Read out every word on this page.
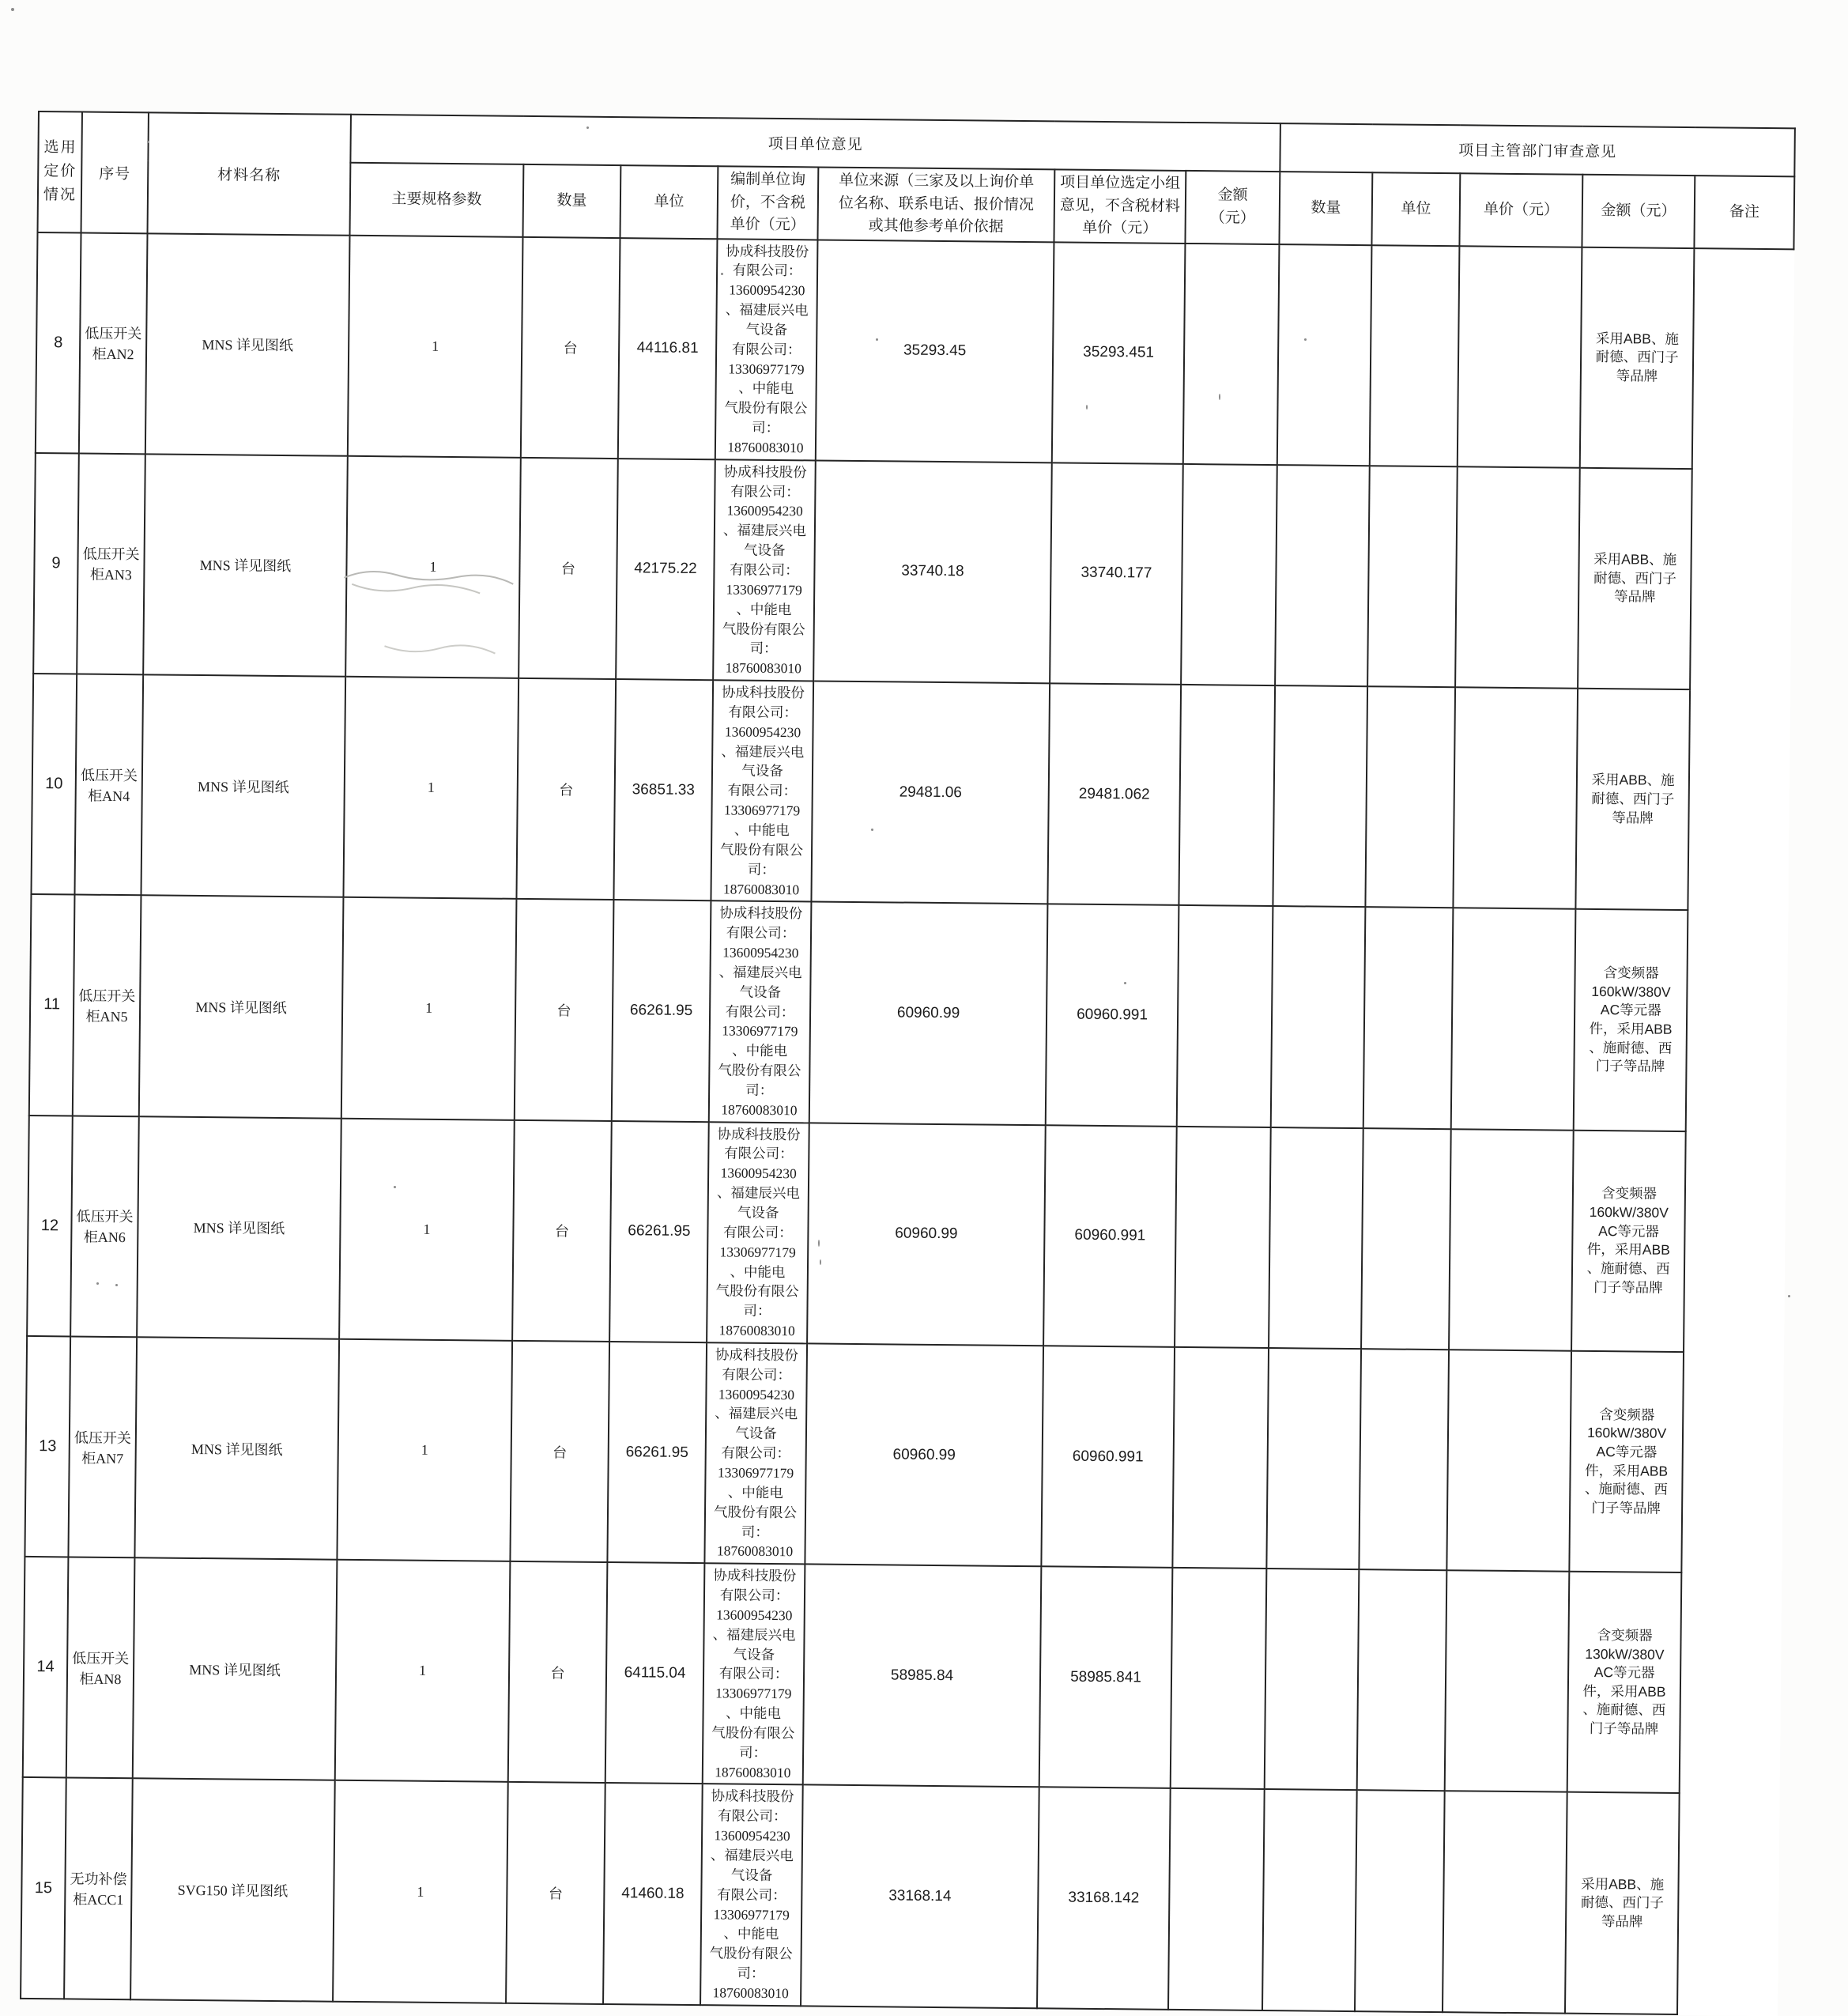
选用定价情况	序号	材料名称	项目单位意见							项目主管部门审查意见				
			主要规格参数	数量	单位	编制单位询
价，不含税
单价（元）	单位来源（三家及以上询价单
位名称、联系电话、报价情况
或其他参考单价依据	项目单位选定小组
意见，不含税材料
单价（元）	金额
（元）	数量	单位	单价（元）	金额（元）	备注
8	低压开关柜AN2	MNS 详见图纸	1	台	44116.81	协成科技股份有限公司：
13600954230 、福建辰兴电气设备
有限公司：13306977179 、中能电
气股份有限公司：18760083010	35293.45	35293.451					采用ABB、施
耐德、西门子
等品牌	
9	低压开关柜AN3	MNS 详见图纸	1	台	42175.22	协成科技股份有限公司：
13600954230 、福建辰兴电气设备
有限公司：13306977179 、中能电
气股份有限公司：18760083010	33740.18	33740.177					采用ABB、施
耐德、西门子
等品牌	
10	低压开关柜AN4	MNS 详见图纸	1	台	36851.33	协成科技股份有限公司：
13600954230 、福建辰兴电气设备
有限公司：13306977179 、中能电
气股份有限公司：18760083010	29481.06	29481.062					采用ABB、施
耐德、西门子
等品牌	
11	低压开关柜AN5	MNS 详见图纸	1	台	66261.95	协成科技股份有限公司：
13600954230 、福建辰兴电气设备
有限公司：13306977179 、中能电
气股份有限公司：18760083010	60960.99	60960.991					含变频器
160kW/380V
AC等元器
件，采用ABB
、施耐德、西
门子等品牌
12	低压开关柜AN6	MNS 详见图纸	1	台	66261.95	协成科技股份有限公司：
13600954230 、福建辰兴电气设备
有限公司：13306977179 、中能电
气股份有限公司：18760083010	60960.99	60960.991					含变频器
160kW/380V
AC等元器
件，采用ABB
、施耐德、西
门子等品牌
13	低压开关柜AN7	MNS 详见图纸	1	台	66261.95	协成科技股份有限公司：
13600954230 、福建辰兴电气设备
有限公司：13306977179 、中能电
气股份有限公司：18760083010	60960.99	60960.991					含变频器
160kW/380V
AC等元器
件，采用ABB
、施耐德、西
门子等品牌
14	低压开关柜AN8	MNS 详见图纸	1	台	64115.04	协成科技股份有限公司：
13600954230 、福建辰兴电气设备
有限公司：13306977179 、中能电
气股份有限公司：18760083010	58985.84	58985.841					含变频器
130kW/380V
AC等元器
件，采用ABB
、施耐德、西
门子等品牌
15	无功补偿柜ACC1	SVG150 详见图纸	1	台	41460.18	协成科技股份有限公司：
13600954230 、福建辰兴电气设备
有限公司：13306977179 、中能电
气股份有限公司：18760083010	33168.14	33168.142					采用ABB、施
耐德、西门子
等品牌	
